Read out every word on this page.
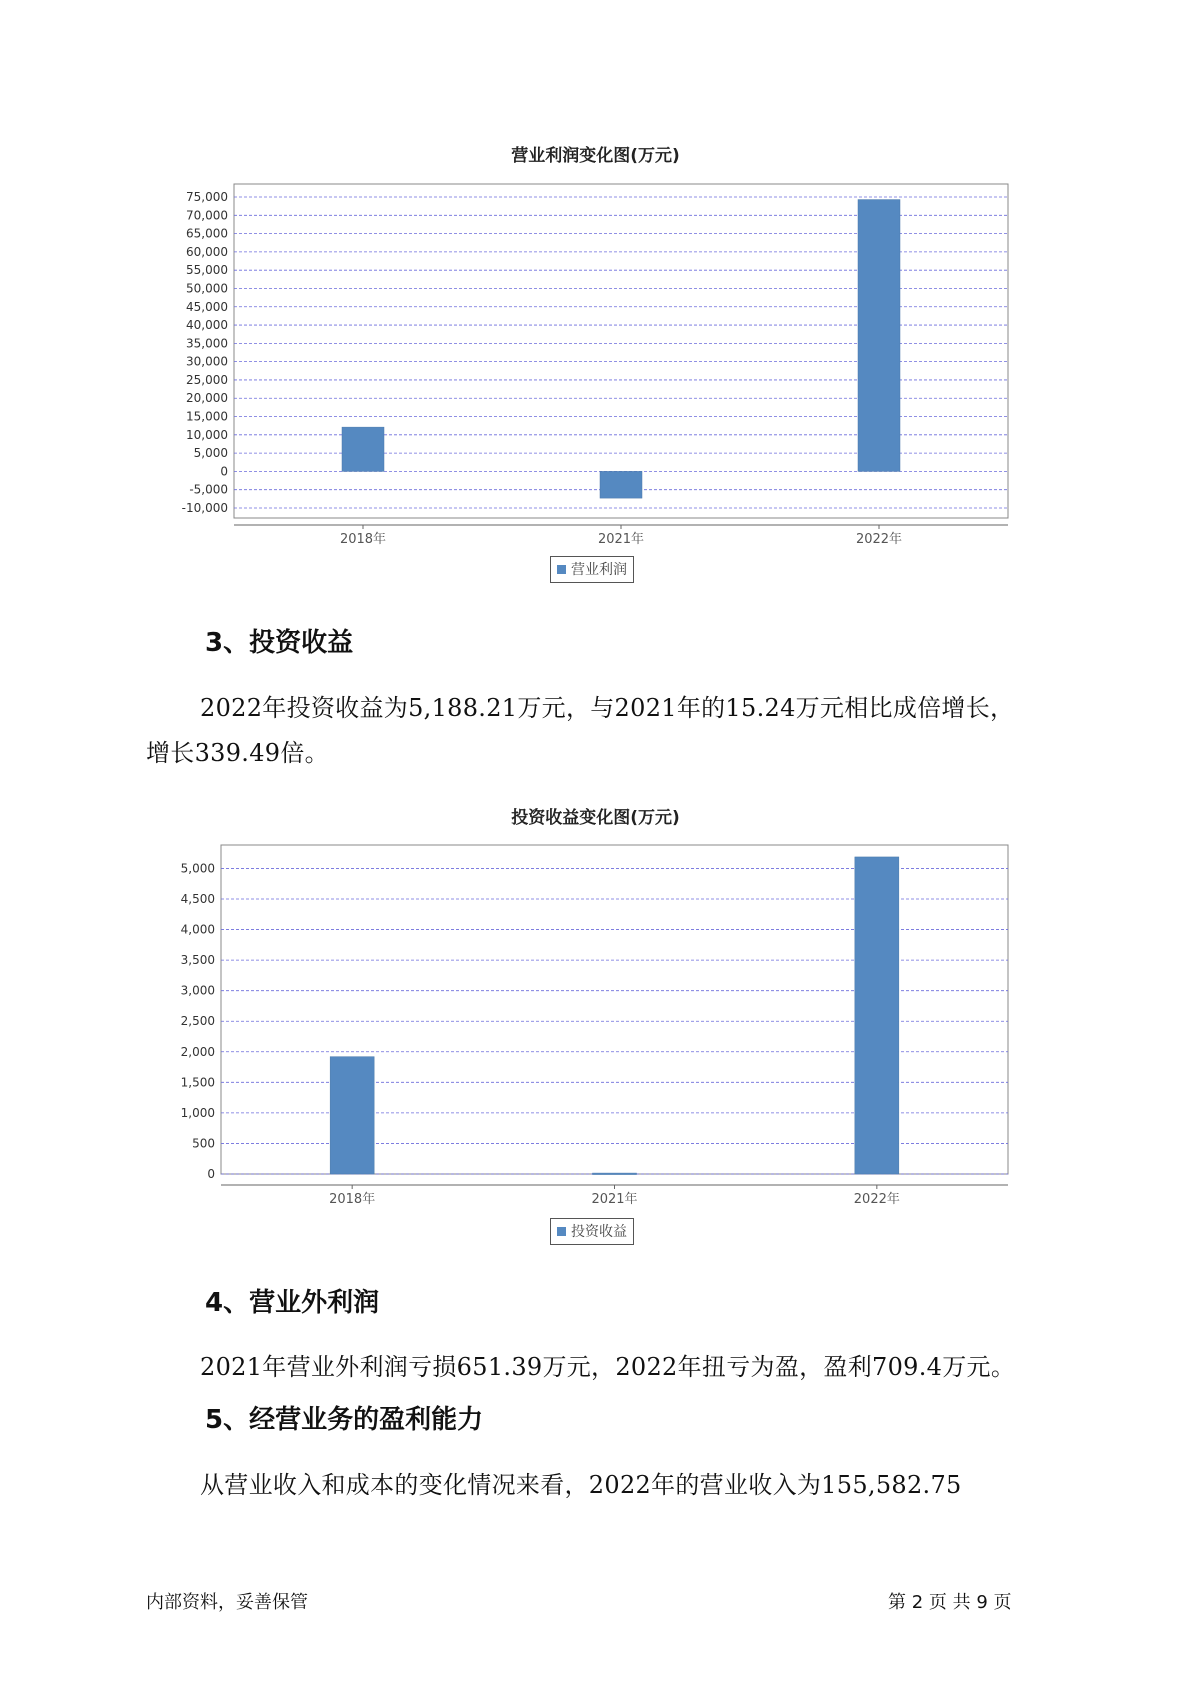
营业利润变化图(万元)
-10,000
-5,000
0
5,000
10,000
15,000
20,000
25,000
30,000
35,000
40,000
45,000
50,000
55,000
60,000
65,000
70,000
75,000
2018年	2021年	2022年
营业利润
3、投资收益
2022年投资收益为5,188.21万元，与2021年的15.24万元相比成倍增长，
增长339.49倍。
投资收益变化图(万元)
0
500
1,000
1,500
2,000
2,500
3,000
3,500
4,000
4,500
5,000
2018年	2021年	2022年
投资收益
4、营业外利润
2021年营业外利润亏损651.39万元，2022年扭亏为盈，盈利709.4万元。
5、经营业务的盈利能力
从营业收入和成本的变化情况来看，2022年的营业收入为155,582.75
内部资料，妥善保管	第 2 页 共 9 页
